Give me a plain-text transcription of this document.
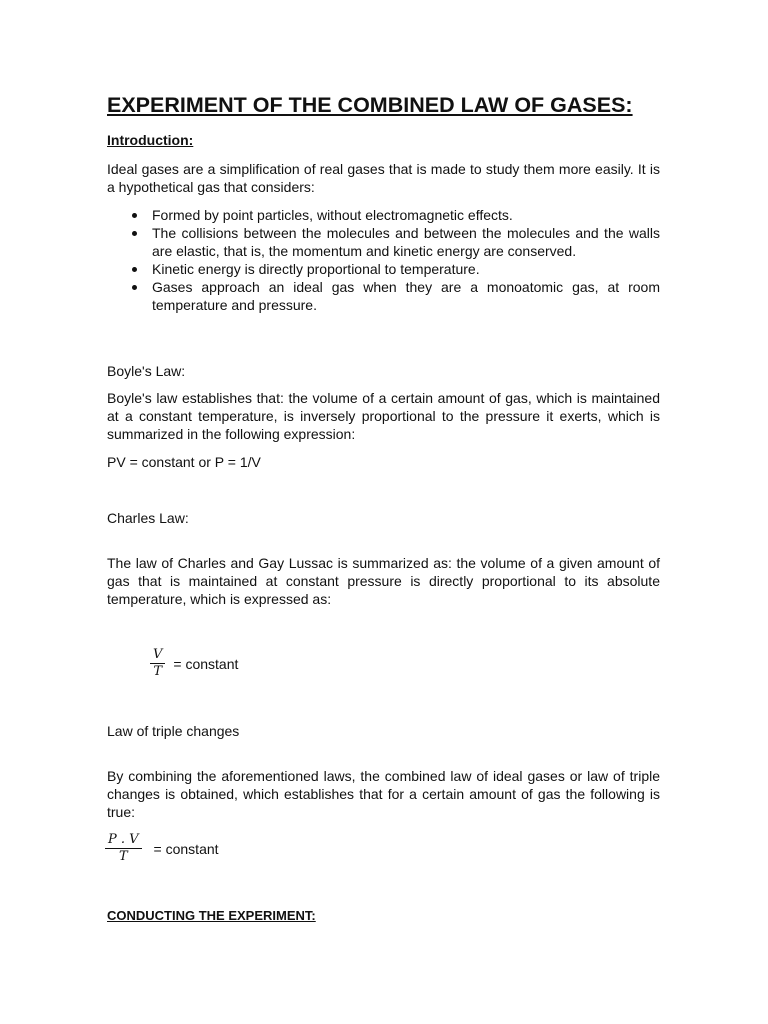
EXPERIMENT OF THE COMBINED LAW OF GASES:
Introduction:
Ideal gases are a simplification of real gases that is made to study them more easily. It is a hypothetical gas that considers:
Formed by point particles, without electromagnetic effects.
The collisions between the molecules and between the molecules and the walls are elastic, that is, the momentum and kinetic energy are conserved.
Kinetic energy is directly proportional to temperature.
Gases approach an ideal gas when they are a monoatomic gas, at room temperature and pressure.
Boyle's Law:
Boyle's law establishes that: the volume of a certain amount of gas, which is maintained at a constant temperature, is inversely proportional to the pressure it exerts, which is summarized in the following expression:
PV = constant or P = 1/V
Charles Law:
The law of Charles and Gay Lussac is summarized as: the volume of a given amount of gas that is maintained at constant pressure is directly proportional to its absolute temperature, which is expressed as:
$\frac{V}{T}$ = constant
Law of triple changes
By combining the aforementioned laws, the combined law of ideal gases or law of triple changes is obtained, which establishes that for a certain amount of gas the following is true:
$\frac{P . V}{T}$ = constant
CONDUCTING THE EXPERIMENT:
